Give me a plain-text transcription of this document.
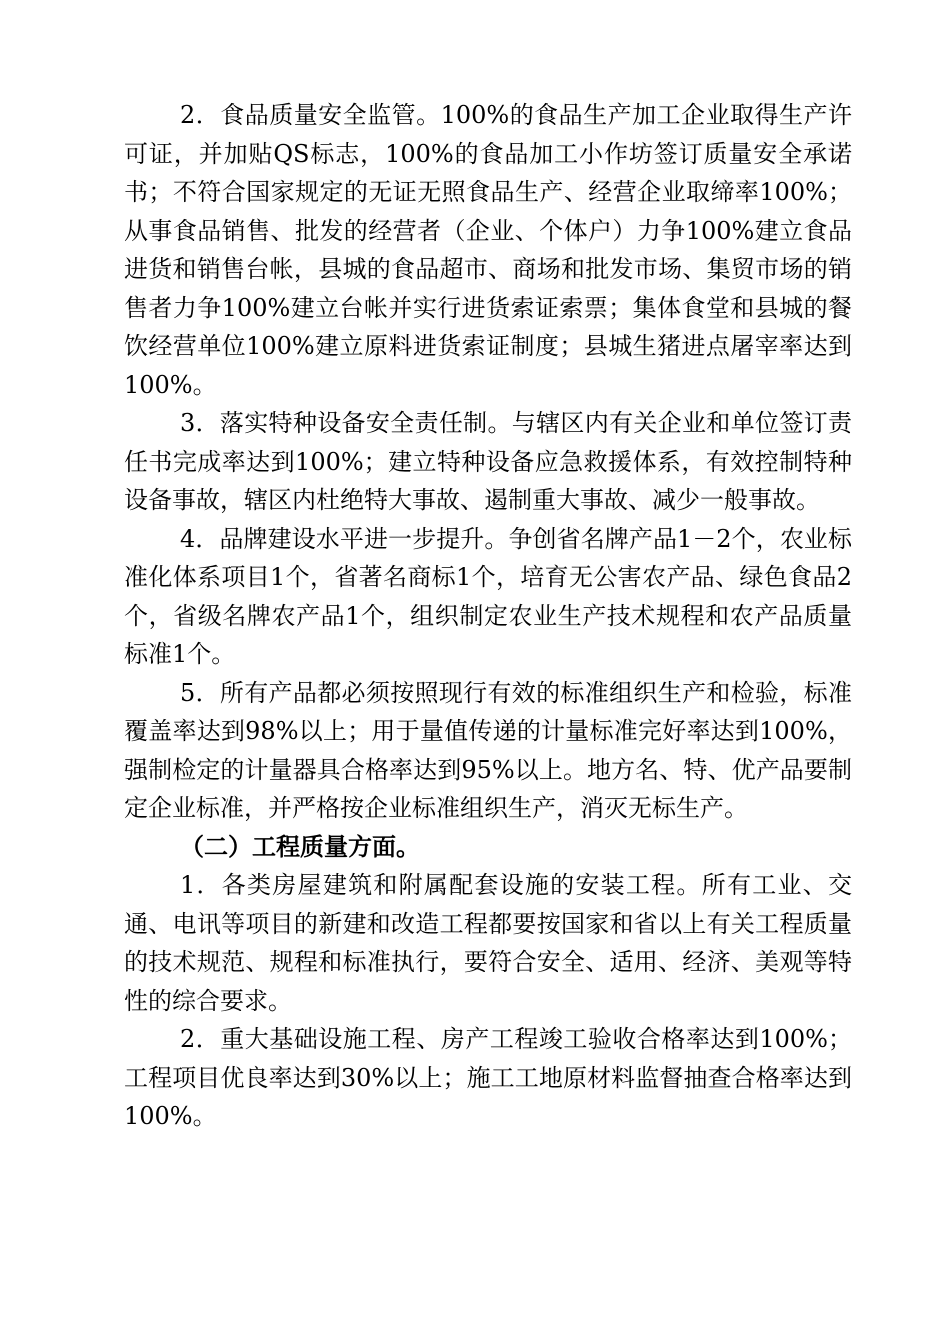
2．食品质量安全监管。100%的食品生产加工企业取得生产许可证，并加贴QS标志，100%的食品加工小作坊签订质量安全承诺书；不符合国家规定的无证无照食品生产、经营企业取缔率100%；从事食品销售、批发的经营者（企业、个体户）力争100%建立食品进货和销售台帐，县城的食品超市、商场和批发市场、集贸市场的销售者力争100%建立台帐并实行进货索证索票；集体食堂和县城的餐饮经营单位100%建立原料进货索证制度；县城生猪进点屠宰率达到100%。

3．落实特种设备安全责任制。与辖区内有关企业和单位签订责任书完成率达到100%；建立特种设备应急救援体系，有效控制特种设备事故，辖区内杜绝特大事故、遏制重大事故、减少一般事故。

4．品牌建设水平进一步提升。争创省名牌产品1－2个，农业标准化体系项目1个，省著名商标1个，培育无公害农产品、绿色食品2个，省级名牌农产品1个，组织制定农业生产技术规程和农产品质量标准1个。

5．所有产品都必须按照现行有效的标准组织生产和检验，标准覆盖率达到98%以上；用于量值传递的计量标准完好率达到100%，强制检定的计量器具合格率达到95%以上。地方名、特、优产品要制定企业标准，并严格按企业标准组织生产，消灭无标生产。

（二）工程质量方面。

1．各类房屋建筑和附属配套设施的安装工程。所有工业、交通、电讯等项目的新建和改造工程都要按国家和省以上有关工程质量的技术规范、规程和标准执行，要符合安全、适用、经济、美观等特性的综合要求。

2．重大基础设施工程、房产工程竣工验收合格率达到100%；工程项目优良率达到30%以上；施工工地原材料监督抽查合格率达到100%。
